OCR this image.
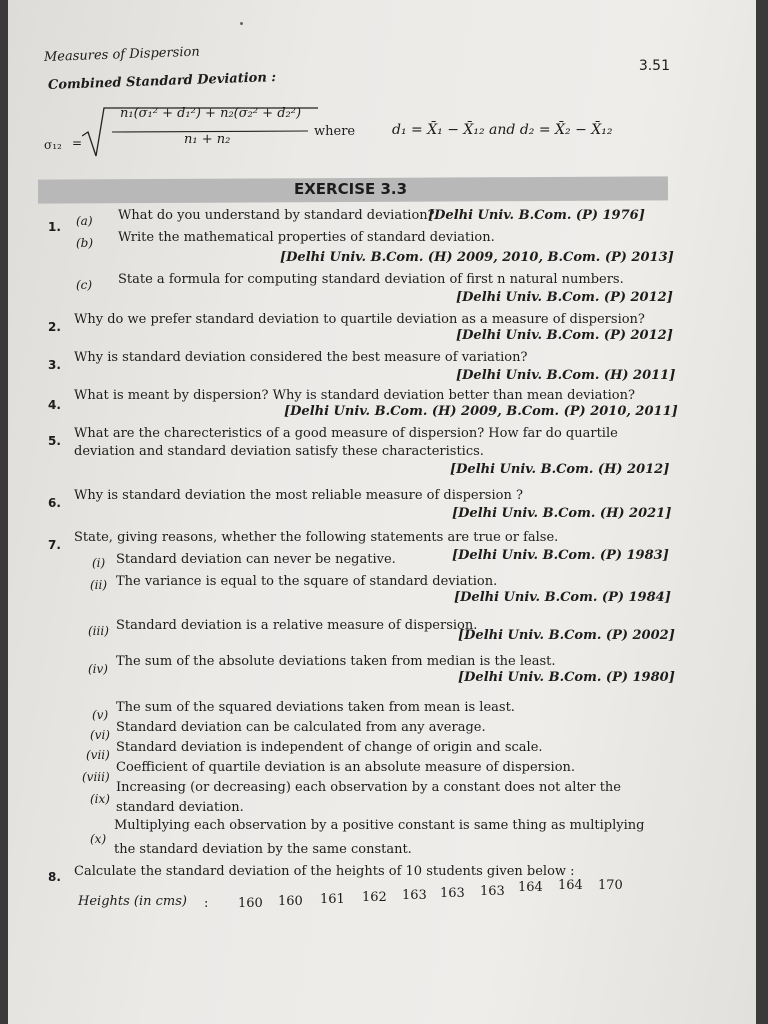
Measures of Dispersion
3.51
Combined Standard Deviation :
σ₁₂ =
n₁(σ₁² + d₁²) + n₂(σ₂² + d₂²)
n₁ + n₂
where	d₁ = X̄₁ − X̄₁₂ and d₂ = X̄₂ − X̄₁₂
EXERCISE 3.3
1. (a) What do you understand by standard deviation?
[Delhi Univ. B.Com. (P) 1976]
(b) Write the mathematical properties of standard deviation.
[Delhi Univ. B.Com. (H) 2009, 2010, B.Com. (P) 2013]
(c) State a formula for computing standard deviation of first n natural numbers.
[Delhi Univ. B.Com. (P) 2012]
2. Why do we prefer standard deviation to quartile deviation as a measure of dispersion?
[Delhi Univ. B.Com. (P) 2012]
3. Why is standard deviation considered the best measure of variation?
[Delhi Univ. B.Com. (H) 2011]
4.
What is meant by dispersion? Why is standard deviation better than mean deviation?
[Delhi Univ. B.Com. (H) 2009, B.Com. (P) 2010, 2011]
5. What are the charecteristics of a good measure of dispersion? How far do quartile
deviation and standard deviation satisfy these characteristics.
[Delhi Univ. B.Com. (H) 2012]
6. Why is standard deviation the most reliable measure of dispersion ?
[Delhi Univ. B.Com. (H) 2021]
7. State, giving reasons, whether the following statements are true or false.
(i) Standard deviation can never be negative.	[Delhi Univ. B.Com. (P) 1983]
(ii) The variance is equal to the square of standard deviation.
[Delhi Univ. B.Com. (P) 1984]
(iii) Standard deviation is a relative measure of dispersion.
[Delhi Univ. B.Com. (P) 2002]
(iv) The sum of the absolute deviations taken from median is the least.
[Delhi Univ. B.Com. (P) 1980]
(v) The sum of the squared deviations taken from mean is least.
(vi) Standard deviation can be calculated from any average.
(vii) Standard deviation is independent of change of origin and scale.
(viii)
Coefficient of quartile deviation is an absolute measure of dispersion.
(ix)
Increasing (or decreasing) each observation by a constant does not alter the
standard deviation.
(x)
Multiplying each observation by a positive constant is same thing as multiplying
the standard deviation by the same constant.
8. Calculate the standard deviation of the heights of 10 students given below :
Heights (in cms) : 160 160 161 162 163 163 163 164 164 170
